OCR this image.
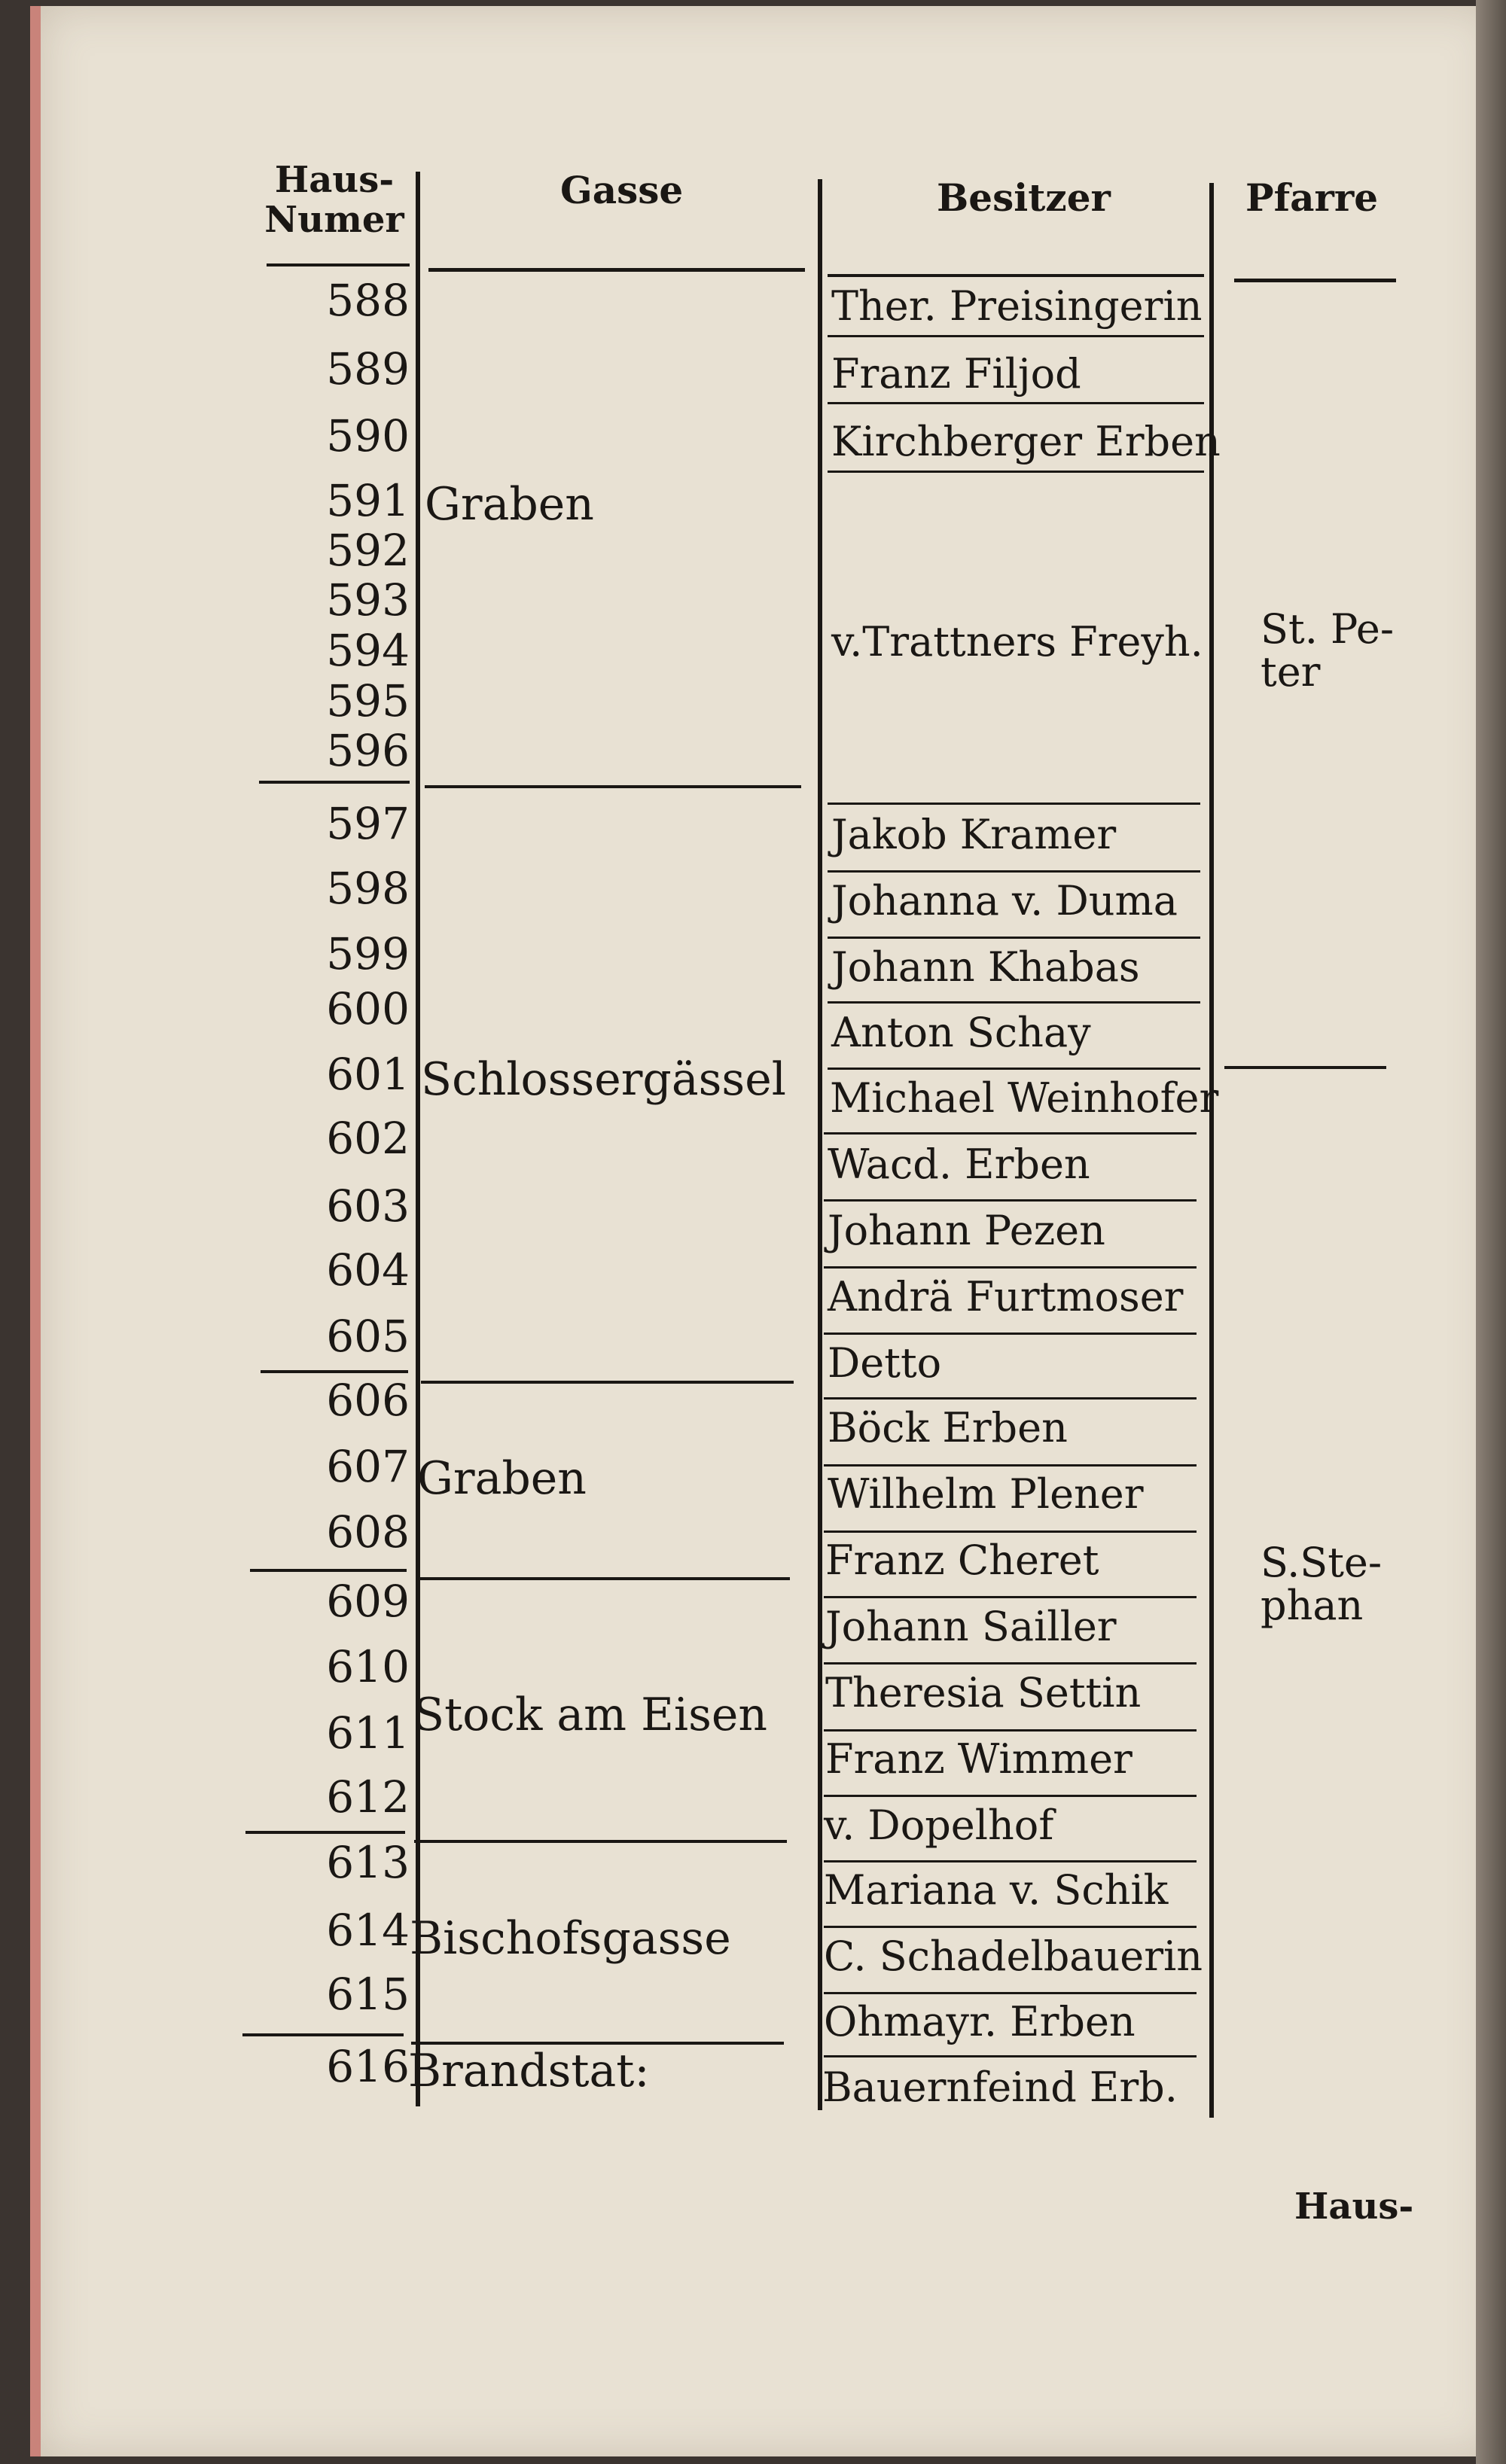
Haus-
Numer
Gasse	Besitzer	Pfarre
588
589
590
591
592
593
594
595
596
597
598
599
600
601
602
603
604
605
606
607
608
609
610
611
612
613
614
615
616
Ther. Preisingerin
Franz Filjod
Kirchberger Erben
v.Trattners Freyh.
Jakob Kramer
Johanna v. Duma
Johann Khabas
Anton Schay
Michael Weinhofer
Wacd. Erben
Johann Pezen
Andrä Furtmoser
Detto
Böck Erben
Wilhelm Plener
Franz Cheret
Johann Sailler
Theresia Settin
Franz Wimmer
v. Dopelhof
Mariana v. Schik
C. Schadelbauerin
Ohmayr. Erben
Bauernfeind Erb.
Graben
Schlossergässel
Graben
Stock am Eisen
Bischofsgasse
Brandstat:
St. Pe-
ter
S.Ste-
phan
Haus-
